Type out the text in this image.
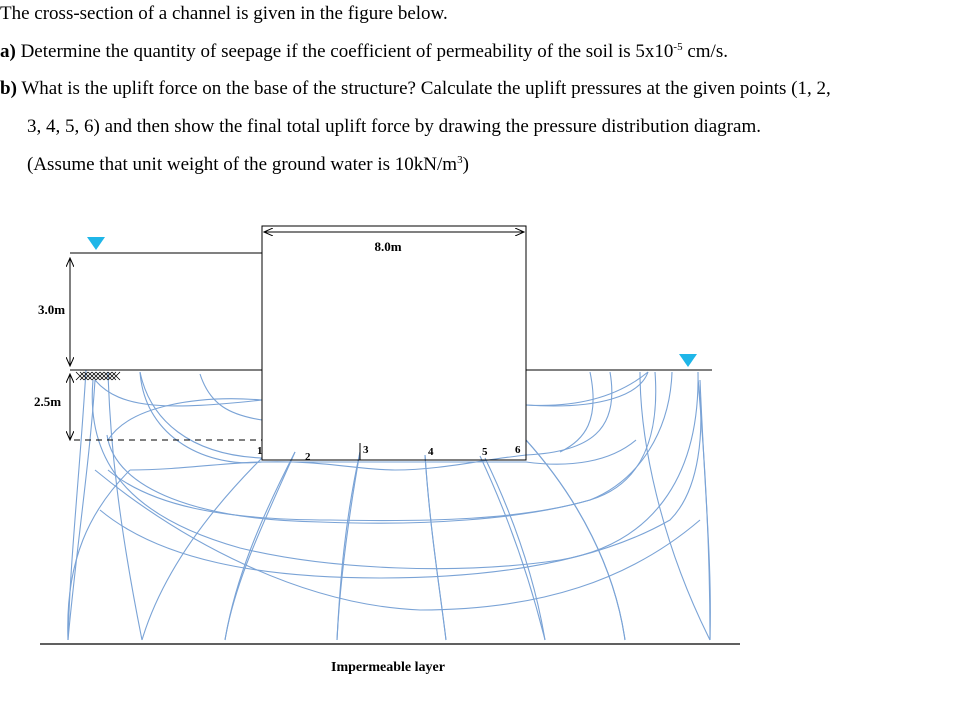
The cross-section of a channel is given in the figure below.
a) Determine the quantity of seepage if the coefficient of permeability of the soil is $5x10^{-5}$ cm/s.
b) What is the uplift force on the base of the structure? Calculate the uplift pressures at the given points (1, 2,
3, 4, 5, 6) and then show the final total uplift force by drawing the pressure distribution diagram.
(Assume that unit weight of the ground water is $10kN/m^3$)
8.0m
3.0m
2.5m
1	2
3	4	5	6
Impermeable layer
